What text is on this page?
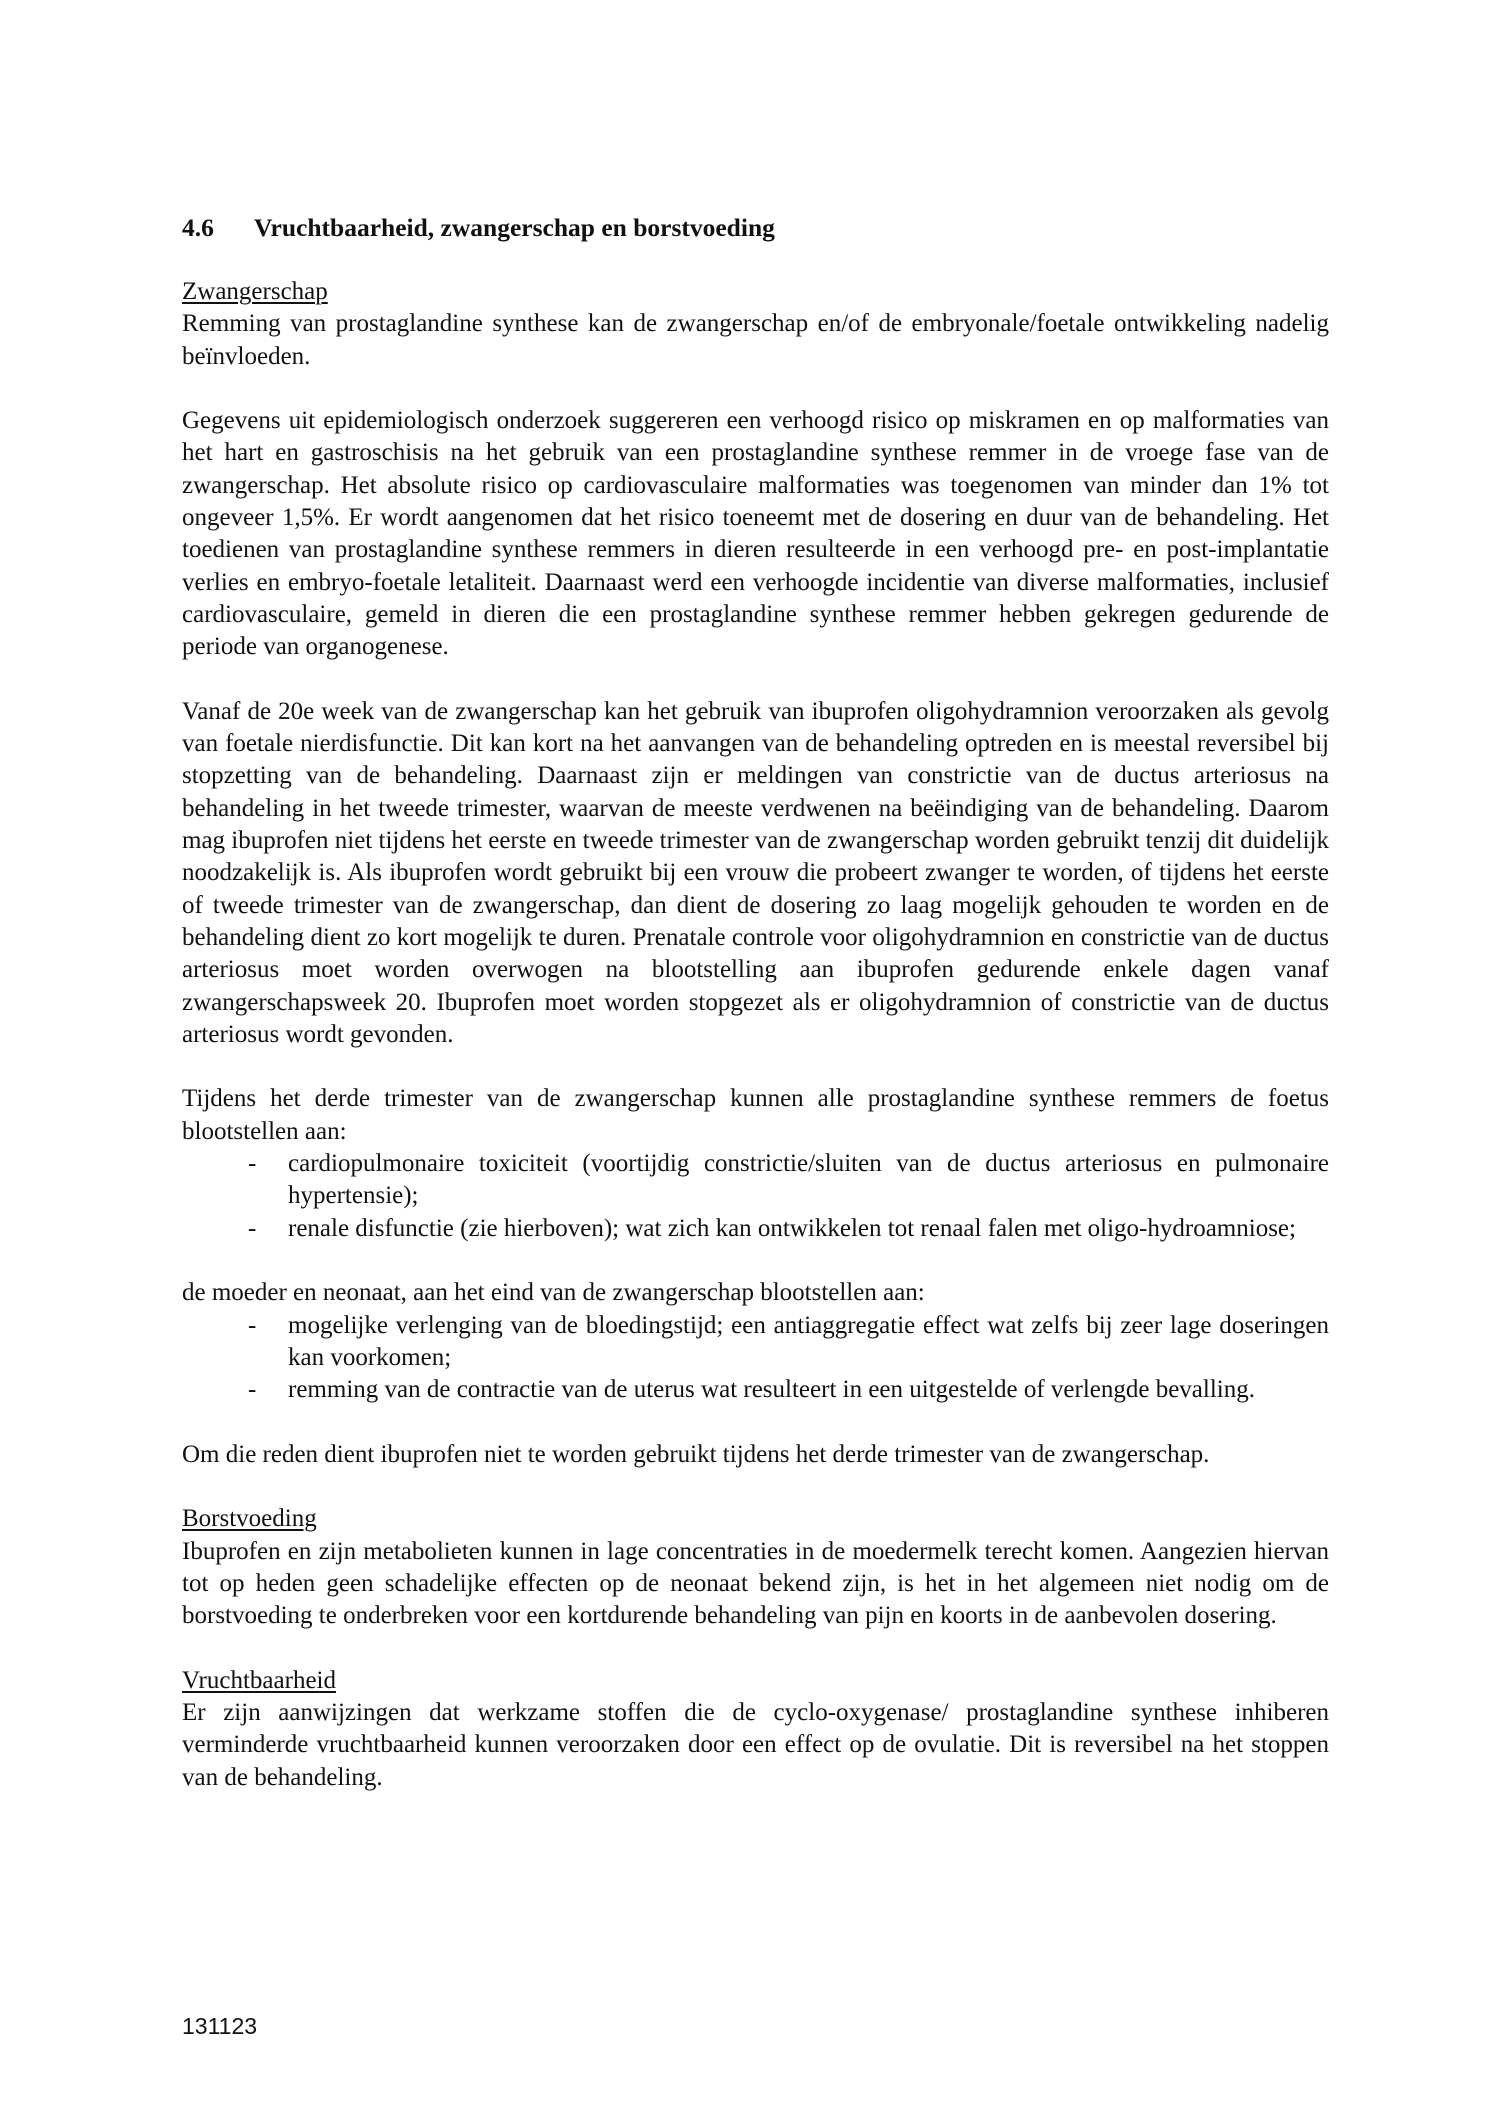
4.6 Vruchtbaarheid, zwangerschap en borstvoeding
Zwangerschap

Remming van prostaglandine synthese kan de zwangerschap en/of de embryonale/foetale ontwikkeling nadelig beïnvloeden.

Gegevens uit epidemiologisch onderzoek suggereren een verhoogd risico op miskramen en op malformaties van het hart en gastroschisis na het gebruik van een prostaglandine synthese remmer in de vroege fase van de zwangerschap. Het absolute risico op cardiovasculaire malformaties was toegenomen van minder dan 1% tot ongeveer 1,5%. Er wordt aangenomen dat het risico toeneemt met de dosering en duur van de behandeling. Het toedienen van prostaglandine synthese remmers in dieren resulteerde in een verhoogd pre- en post-implantatie verlies en embryo-foetale letaliteit. Daarnaast werd een verhoogde incidentie van diverse malformaties, inclusief cardiovasculaire, gemeld in dieren die een prostaglandine synthese remmer hebben gekregen gedurende de periode van organogenese.

Vanaf de 20e week van de zwangerschap kan het gebruik van ibuprofen oligohydramnion veroorzaken als gevolg van foetale nierdisfunctie. Dit kan kort na het aanvangen van de behandeling optreden en is meestal reversibel bij stopzetting van de behandeling. Daarnaast zijn er meldingen van constrictie van de ductus arteriosus na behandeling in het tweede trimester, waarvan de meeste verdwenen na beëindiging van de behandeling. Daarom mag ibuprofen niet tijdens het eerste en tweede trimester van de zwangerschap worden gebruikt tenzij dit duidelijk noodzakelijk is. Als ibuprofen wordt gebruikt bij een vrouw die probeert zwanger te worden, of tijdens het eerste of tweede trimester van de zwangerschap, dan dient de dosering zo laag mogelijk gehouden te worden en de behandeling dient zo kort mogelijk te duren. Prenatale controle voor oligohydramnion en constrictie van de ductus arteriosus moet worden overwogen na blootstelling aan ibuprofen gedurende enkele dagen vanaf zwangerschapsweek 20. Ibuprofen moet worden stopgezet als er oligohydramnion of constrictie van de ductus arteriosus wordt gevonden.

Tijdens het derde trimester van de zwangerschap kunnen alle prostaglandine synthese remmers de foetus blootstellen aan:

- cardiopulmonaire toxiciteit (voortijdig constrictie/sluiten van de ductus arteriosus en pulmonaire hypertensie);
- renale disfunctie (zie hierboven); wat zich kan ontwikkelen tot renaal falen met oligo-hydroamniose;

de moeder en neonaat, aan het eind van de zwangerschap blootstellen aan:

- mogelijke verlenging van de bloedingstijd; een antiaggregatie effect wat zelfs bij zeer lage doseringen kan voorkomen;
- remming van de contractie van de uterus wat resulteert in een uitgestelde of verlengde bevalling.

Om die reden dient ibuprofen niet te worden gebruikt tijdens het derde trimester van de zwangerschap.

Borstvoeding

Ibuprofen en zijn metabolieten kunnen in lage concentraties in de moedermelk terecht komen. Aangezien hiervan tot op heden geen schadelijke effecten op de neonaat bekend zijn, is het in het algemeen niet nodig om de borstvoeding te onderbreken voor een kortdurende behandeling van pijn en koorts in de aanbevolen dosering.

Vruchtbaarheid

Er zijn aanwijzingen dat werkzame stoffen die de cyclo-oxygenase/ prostaglandine synthese inhiberen verminderde vruchtbaarheid kunnen veroorzaken door een effect op de ovulatie. Dit is reversibel na het stoppen van de behandeling.

131123
